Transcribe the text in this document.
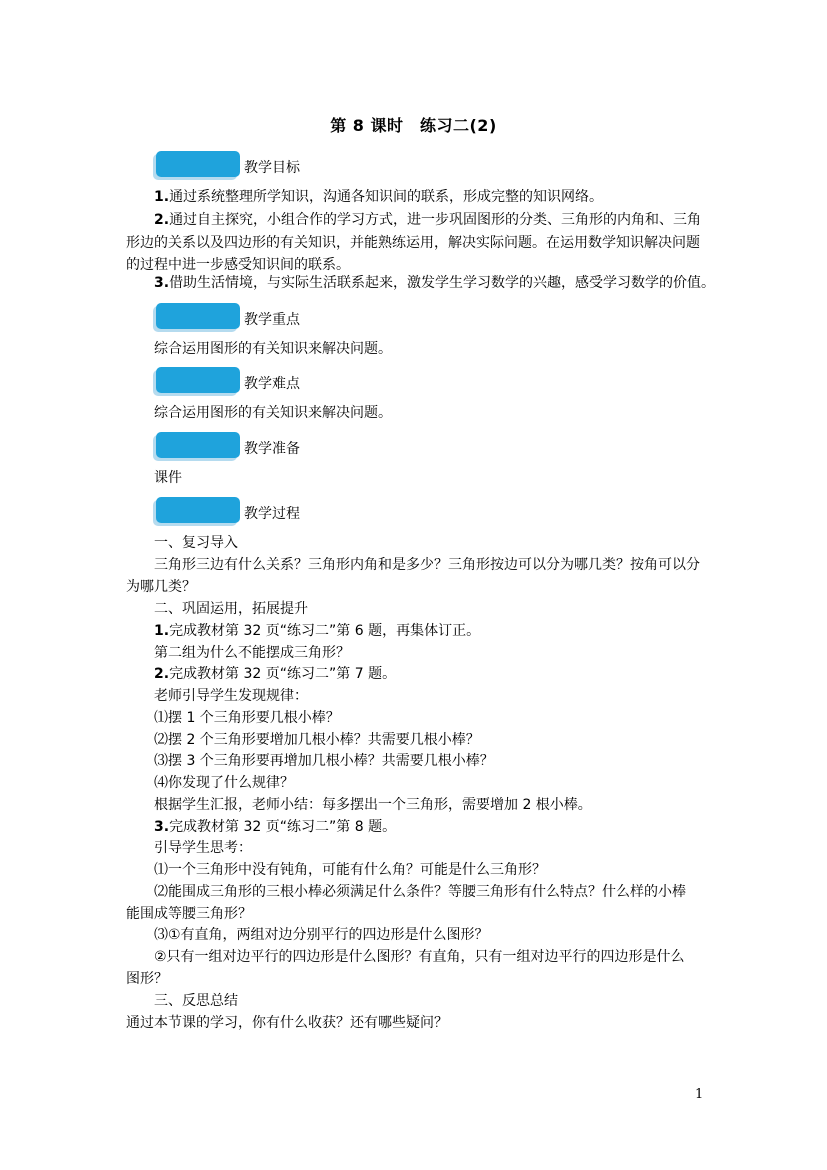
第 8 课时　练习二(2)
教学目标
1.通过系统整理所学知识，沟通各知识间的联系，形成完整的知识网络。
2.通过自主探究，小组合作的学习方式，进一步巩固图形的分类、三角形的内角和、三角
形边的关系以及四边形的有关知识，并能熟练运用，解决实际问题。在运用数学知识解决问题
的过程中进一步感受知识间的联系。
3.借助生活情境，与实际生活联系起来，激发学生学习数学的兴趣，感受学习数学的价值。
教学重点
综合运用图形的有关知识来解决问题。
教学难点
综合运用图形的有关知识来解决问题。
教学准备
课件
教学过程
一、复习导入
三角形三边有什么关系？三角形内角和是多少？三角形按边可以分为哪几类？按角可以分
为哪几类？
二、巩固运用，拓展提升
1.完成教材第 32 页“练习二”第 6 题，再集体订正。
第二组为什么不能摆成三角形？
2.完成教材第 32 页“练习二”第 7 题。
老师引导学生发现规律：
⑴摆 1 个三角形要几根小棒？
⑵摆 2 个三角形要增加几根小棒？共需要几根小棒？
⑶摆 3 个三角形要再增加几根小棒？共需要几根小棒？
⑷你发现了什么规律？
根据学生汇报，老师小结：每多摆出一个三角形，需要增加 2 根小棒。
3.完成教材第 32 页“练习二”第 8 题。
引导学生思考：
⑴一个三角形中没有钝角，可能有什么角？可能是什么三角形？
⑵能围成三角形的三根小棒必须满足什么条件？等腰三角形有什么特点？什么样的小棒
能围成等腰三角形？
⑶①有直角，两组对边分别平行的四边形是什么图形？
②只有一组对边平行的四边形是什么图形？有直角，只有一组对边平行的四边形是什么
图形？
三、反思总结
通过本节课的学习，你有什么收获？还有哪些疑问？
1
